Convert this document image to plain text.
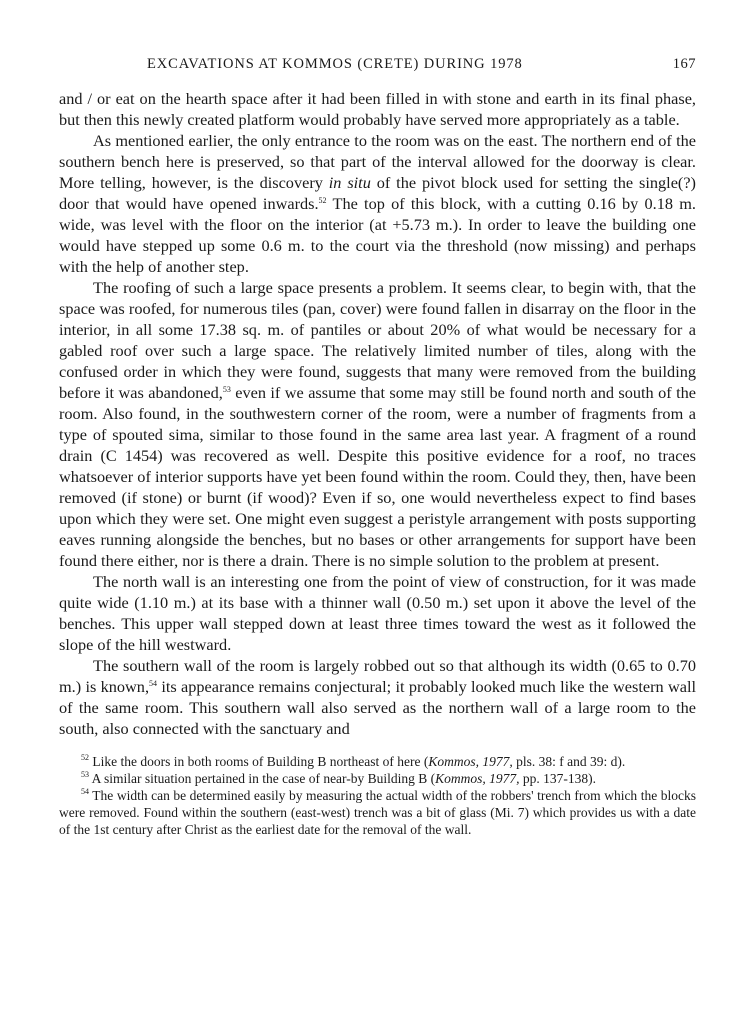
EXCAVATIONS AT KOMMOS (CRETE) DURING 1978	167

and / or eat on the hearth space after it had been filled in with stone and earth in its final phase, but then this newly created platform would probably have served more appropriately as a table.

As mentioned earlier, the only entrance to the room was on the east. The northern end of the southern bench here is preserved, so that part of the interval allowed for the doorway is clear. More telling, however, is the discovery in situ of the pivot block used for setting the single(?) door that would have opened inwards.$^{52}$ The top of this block, with a cutting 0.16 by 0.18 m. wide, was level with the floor on the interior (at +5.73 m.). In order to leave the building one would have stepped up some 0.6 m. to the court via the threshold (now missing) and perhaps with the help of another step.

The roofing of such a large space presents a problem. It seems clear, to begin with, that the space was roofed, for numerous tiles (pan, cover) were found fallen in disarray on the floor in the interior, in all some 17.38 sq. m. of pantiles or about 20% of what would be necessary for a gabled roof over such a large space. The relatively limited number of tiles, along with the confused order in which they were found, suggests that many were removed from the building before it was abandoned,$^{53}$ even if we assume that some may still be found north and south of the room. Also found, in the southwestern corner of the room, were a number of fragments from a type of spouted sima, similar to those found in the same area last year. A fragment of a round drain (C 1454) was recovered as well. Despite this positive evidence for a roof, no traces whatsoever of interior supports have yet been found within the room. Could they, then, have been removed (if stone) or burnt (if wood)? Even if so, one would nevertheless expect to find bases upon which they were set. One might even suggest a peristyle arrangement with posts supporting eaves running alongside the benches, but no bases or other arrangements for support have been found there either, nor is there a drain. There is no simple solution to the problem at present.

The north wall is an interesting one from the point of view of construction, for it was made quite wide (1.10 m.) at its base with a thinner wall (0.50 m.) set upon it above the level of the benches. This upper wall stepped down at least three times toward the west as it followed the slope of the hill westward.

The southern wall of the room is largely robbed out so that although its width (0.65 to 0.70 m.) is known,$^{54}$ its appearance remains conjectural; it probably looked much like the western wall of the same room. This southern wall also served as the northern wall of a large room to the south, also connected with the sanctuary and

$^{52}$ Like the doors in both rooms of Building B northeast of here (Kommos, 1977, pls. 38: f and 39: d).

$^{53}$ A similar situation pertained in the case of near-by Building B (Kommos, 1977, pp. 137-138).

$^{54}$ The width can be determined easily by measuring the actual width of the robbers' trench from which the blocks were removed. Found within the southern (east-west) trench was a bit of glass (Mi. 7) which provides us with a date of the 1st century after Christ as the earliest date for the removal of the wall.
